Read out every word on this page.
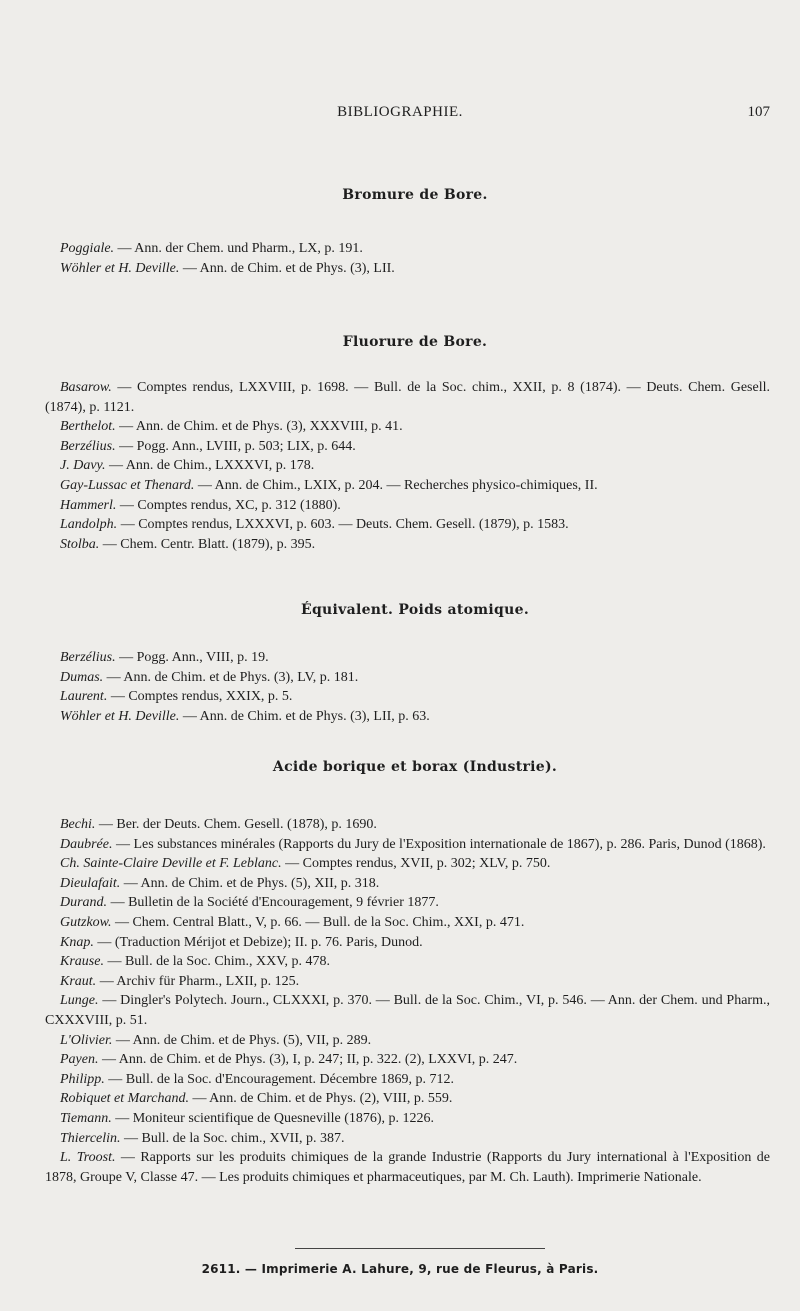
BIBLIOGRAPHIE.	107
Bromure de Bore.
Poggiale. — Ann. der Chem. und Pharm., LX, p. 191.
Wöhler et H. Deville. — Ann. de Chim. et de Phys. (3), LII.
Fluorure de Bore.
Basarow. — Comptes rendus, LXXVIII, p. 1698. — Bull. de la Soc. chim., XXII, p. 8 (1874). — Deuts. Chem. Gesell. (1874), p. 1121.
Berthelot. — Ann. de Chim. et de Phys. (3), XXXVIII, p. 41.
Berzélius. — Pogg. Ann., LVIII, p. 503; LIX, p. 644.
J. Davy. — Ann. de Chim., LXXXVI, p. 178.
Gay-Lussac et Thenard. — Ann. de Chim., LXIX, p. 204. — Recherches physico-chimiques, II.
Hammerl. — Comptes rendus, XC, p. 312 (1880).
Landolph. — Comptes rendus, LXXXVI, p. 603. — Deuts. Chem. Gesell. (1879), p. 1583.
Stolba. — Chem. Centr. Blatt. (1879), p. 395.
Équivalent. Poids atomique.
Berzélius. — Pogg. Ann., VIII, p. 19.
Dumas. — Ann. de Chim. et de Phys. (3), LV, p. 181.
Laurent. — Comptes rendus, XXIX, p. 5.
Wöhler et H. Deville. — Ann. de Chim. et de Phys. (3), LII, p. 63.
Acide borique et borax (Industrie).
Bechi. — Ber. der Deuts. Chem. Gesell. (1878), p. 1690.
Daubrée. — Les substances minérales (Rapports du Jury de l'Exposition internationale de 1867), p. 286. Paris, Dunod (1868).
Ch. Sainte-Claire Deville et F. Leblanc. — Comptes rendus, XVII, p. 302; XLV, p. 750.
Dieulafait. — Ann. de Chim. et de Phys. (5), XII, p. 318.
Durand. — Bulletin de la Société d'Encouragement, 9 février 1877.
Gutzkow. — Chem. Central Blatt., V, p. 66. — Bull. de la Soc. Chim., XXI, p. 471.
Knap. — (Traduction Mérijot et Debize); II. p. 76. Paris, Dunod.
Krause. — Bull. de la Soc. Chim., XXV, p. 478.
Kraut. — Archiv für Pharm., LXII, p. 125.
Lunge. — Dingler's Polytech. Journ., CLXXXI, p. 370. — Bull. de la Soc. Chim., VI, p. 546. — Ann. der Chem. und Pharm., CXXXVIII, p. 51.
L'Olivier. — Ann. de Chim. et de Phys. (5), VII, p. 289.
Payen. — Ann. de Chim. et de Phys. (3), I, p. 247; II, p. 322. (2), LXXVI, p. 247.
Philipp. — Bull. de la Soc. d'Encouragement. Décembre 1869, p. 712.
Robiquet et Marchand. — Ann. de Chim. et de Phys. (2), VIII, p. 559.
Tiemann. — Moniteur scientifique de Quesneville (1876), p. 1226.
Thiercelin. — Bull. de la Soc. chim., XVII, p. 387.
L. Troost. — Rapports sur les produits chimiques de la grande Industrie (Rapports du Jury international à l'Exposition de 1878, Groupe V, Classe 47. — Les produits chimiques et pharmaceutiques, par M. Ch. Lauth). Imprimerie Nationale.
2611. — Imprimerie A. Lahure, 9, rue de Fleurus, à Paris.
